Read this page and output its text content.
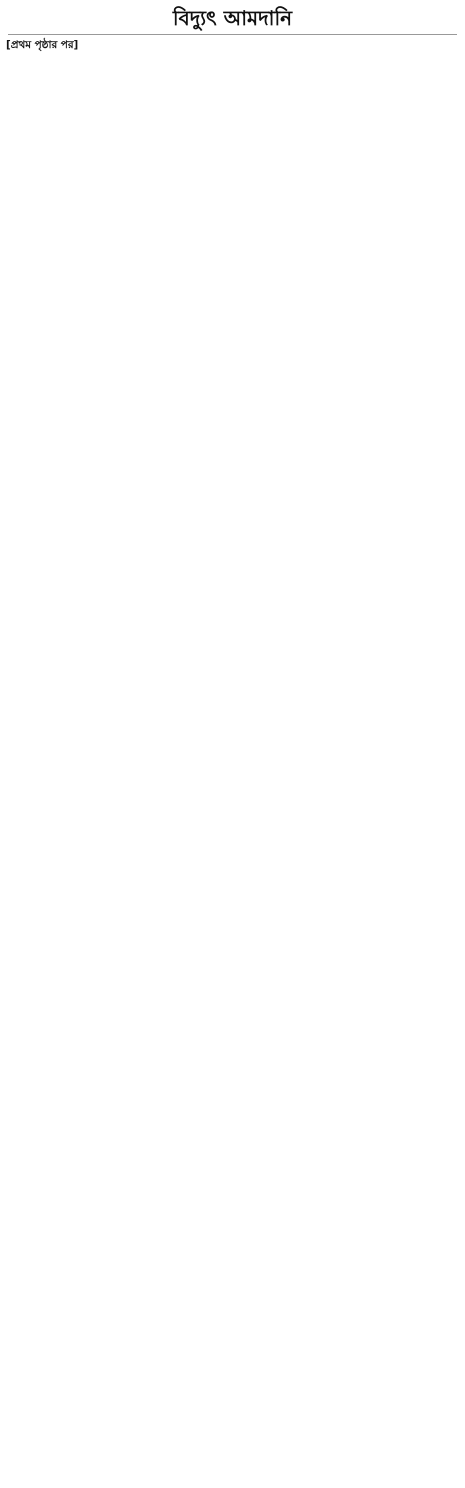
বিদ্যুৎ আমদানি
[প্রথম পৃষ্ঠার পর]
